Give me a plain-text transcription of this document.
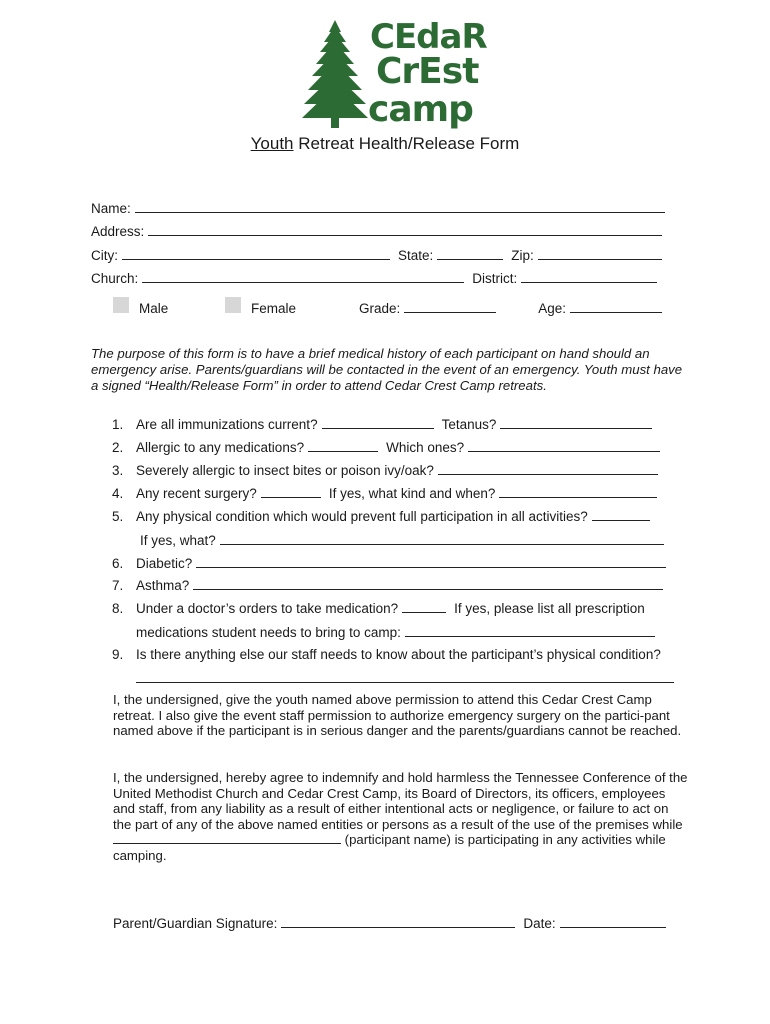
CEdaR
CrEst
camp
Youth Retreat Health/Release Form
Name:
Address:
City:	State:	Zip:
Church:	District:
Male	Female	Grade:	Age:
The purpose of this form is to have a brief medical history of each participant on hand should an emergency arise. Parents/guardians will be contacted in the event of an emergency. Youth must have a signed “Health/Release Form” in order to attend Cedar Crest Camp retreats.
1. Are all immunizations current?	Tetanus?
2. Allergic to any medications?	Which ones?
3. Severely allergic to insect bites or poison ivy/oak?
4. Any recent surgery?	If yes, what kind and when?
5. Any physical condition which would prevent full participation in all activities?
If yes, what?
6. Diabetic?
7. Asthma?
8. Under a doctor’s orders to take medication?	If yes, please list all prescription
medications student needs to bring to camp:
9. Is there anything else our staff needs to know about the participant’s physical condition?
I, the undersigned, give the youth named above permission to attend this Cedar Crest Camp retreat. I also give the event staff permission to authorize emergency surgery on the partici-pant named above if the participant is in serious danger and the parents/guardians cannot be reached.
I, the undersigned, hereby agree to indemnify and hold harmless the Tennessee Conference of the United Methodist Church and Cedar Crest Camp, its Board of Directors, its officers, employees and staff, from any liability as a result of either intentional acts or negligence, or failure to act on the part of any of the above named entities or persons as a result of the use of the premises while  (participant name) is participating in any activities while camping.
Parent/Guardian Signature:	Date:
